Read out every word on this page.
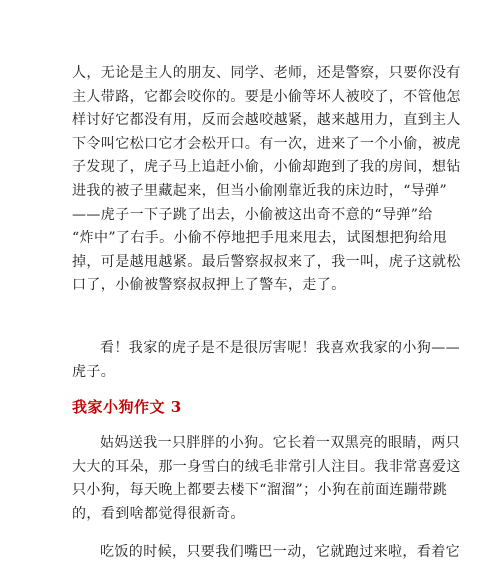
人，无论是主人的朋友、同学、老师，还是警察，只要你没有
主人带路，它都会咬你的。要是小偷等坏人被咬了，不管他怎
样讨好它都没有用，反而会越咬越紧，越来越用力，直到主人
下令叫它松口它才会松开口。有一次，进来了一个小偷，被虎
子发现了，虎子马上追赶小偷，小偷却跑到了我的房间，想钻
进我的被子里藏起来，但当小偷刚靠近我的床边时，“导弹”
——虎子一下子跳了出去，小偷被这出奇不意的“导弹”给
“炸中”了右手。小偷不停地把手甩来甩去，试图想把狗给甩
掉，可是越甩越紧。最后警察叔叔来了，我一叫，虎子这就松
口了，小偷被警察叔叔押上了警车，走了。

看！我家的虎子是不是很厉害呢！我喜欢我家的小狗——
虎子。

我家小狗作文 3

姑妈送我一只胖胖的小狗。它长着一双黑亮的眼睛，两只
大大的耳朵，那一身雪白的绒毛非常引人注目。我非常喜爱这
只小狗，每天晚上都要去楼下“溜溜”；小狗在前面连蹦带跳
的，看到啥都觉得很新奇。

吃饭的时候，只要我们嘴巴一动，它就跑过来啦，看着它
